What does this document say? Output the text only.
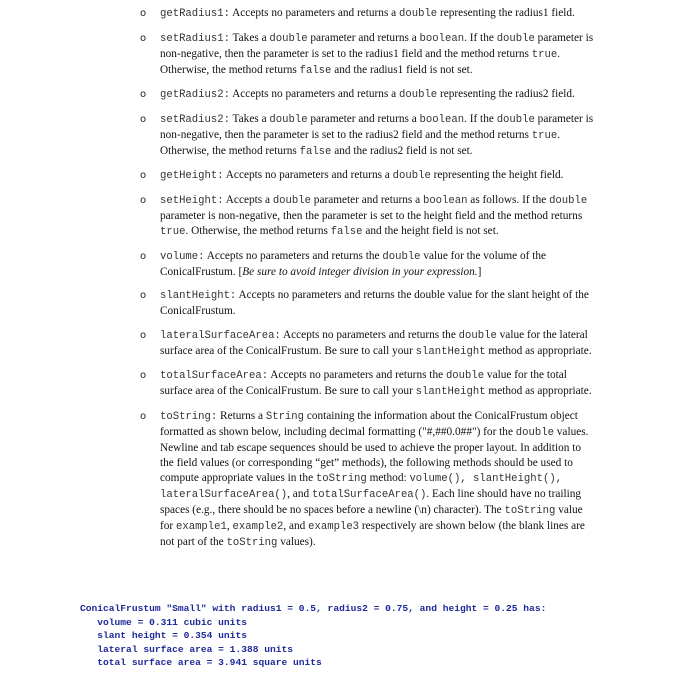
o getRadius1: Accepts no parameters and returns a double representing the radius1 field.
o setRadius1: Takes a double parameter and returns a boolean. If the double parameter is non-negative, then the parameter is set to the radius1 field and the method returns true. Otherwise, the method returns false and the radius1 field is not set.
o getRadius2: Accepts no parameters and returns a double representing the radius2 field.
o setRadius2: Takes a double parameter and returns a boolean. If the double parameter is non-negative, then the parameter is set to the radius2 field and the method returns true. Otherwise, the method returns false and the radius2 field is not set.
o getHeight: Accepts no parameters and returns a double representing the height field.
o setHeight: Accepts a double parameter and returns a boolean as follows. If the double parameter is non-negative, then the parameter is set to the height field and the method returns true. Otherwise, the method returns false and the height field is not set.
o volume: Accepts no parameters and returns the double value for the volume of the ConicalFrustum. [Be sure to avoid integer division in your expression.]
o slantHeight: Accepts no parameters and returns the double value for the slant height of the ConicalFrustum.
o lateralSurfaceArea: Accepts no parameters and returns the double value for the lateral surface area of the ConicalFrustum. Be sure to call your slantHeight method as appropriate.
o totalSurfaceArea: Accepts no parameters and returns the double value for the total surface area of the ConicalFrustum. Be sure to call your slantHeight method as appropriate.
o toString: Returns a String containing the information about the ConicalFrustum object formatted as shown below, including decimal formatting ("#,##0.0##") for the double values. Newline and tab escape sequences should be used to achieve the proper layout. In addition to the field values (or corresponding “get” methods), the following methods should be used to compute appropriate values in the toString method: volume(), slantHeight(), lateralSurfaceArea(), and totalSurfaceArea(). Each line should have no trailing spaces (e.g., there should be no spaces before a newline (\n) character). The toString value for example1, example2, and example3 respectively are shown below (the blank lines are not part of the toString values).
ConicalFrustum "Small" with radius1 = 0.5, radius2 = 0.75, and height = 0.25 has:
volume = 0.311 cubic units
slant height = 0.354 units
lateral surface area = 1.388 units
total surface area = 3.941 square units
